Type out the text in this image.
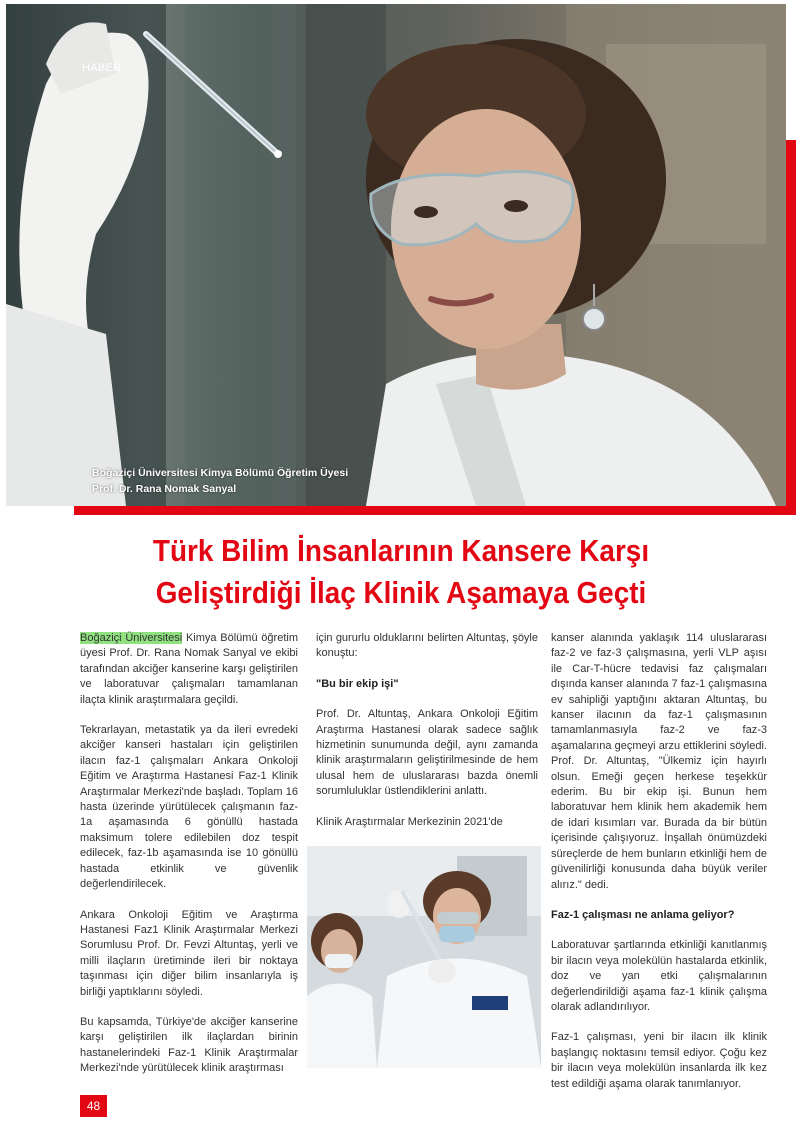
HABER
Boğaziçi Üniversitesi Kimya Bölümü Öğretim Üyesi Prof. Dr. Rana Nomak Sanyal
Türk Bilim İnsanlarının Kansere Karşı
Geliştirdiği İlaç Klinik Aşamaya Geçti

Boğaziçi Üniversitesi Kimya Bölümü öğretim üyesi Prof. Dr. Rana Nomak Sanyal ve ekibi tarafından akciğer kanserine karşı geliştirilen ve laboratuvar çalışmaları tamamlanan ilaçta klinik araştırmalara geçildi.

Tekrarlayan, metastatik ya da ileri evredeki akciğer kanseri hastaları için geliştirilen ilacın faz-1 çalışmaları Ankara Onkoloji Eğitim ve Araştırma Hastanesi Faz-1 Klinik Araştırmalar Merkezi'nde başladı. Toplam 16 hasta üzerinde yürütülecek çalışmanın faz-1a aşamasında 6 gönüllü hastada maksimum tolere edilebilen doz tespit edilecek, faz-1b aşamasında ise 10 gönüllü hastada etkinlik ve güvenlik değerlendirilecek.

Ankara Onkoloji Eğitim ve Araştırma Hastanesi Faz1 Klinik Araştırmalar Merkezi Sorumlusu Prof. Dr. Fevzi Altuntaş, yerli ve milli ilaçların üretiminde ileri bir noktaya taşınması için diğer bilim insanlarıyla iş birliği yaptıklarını söyledi.

Bu kapsamda, Türkiye'de akciğer kanserine karşı geliştirilen ilk ilaçlardan birinin hastanelerindeki Faz-1 Klinik Araştırmalar Merkezi'nde yürütülecek klinik araştırması

için gururlu olduklarını belirten Altuntaş, şöyle konuştu:

"Bu bir ekip işi"

Prof. Dr. Altuntaş, Ankara Onkoloji Eğitim Araştırma Hastanesi olarak sadece sağlık hizmetinin sunumunda değil, aynı zamanda klinik araştırmaların geliştirilmesinde de hem ulusal hem de uluslararası bazda önemli sorumluluklar üstlendiklerini anlattı.

Klinik Araştırmalar Merkezinin 2021'de

kanser alanında yaklaşık 114 uluslararası faz-2 ve faz-3 çalışmasına, yerli VLP aşısı ile Car-T-hücre tedavisi faz çalışmaları dışında kanser alanında 7 faz-1 çalışmasına ev sahipliği yaptığını aktaran Altuntaş, bu kanser ilacının da faz-1 çalışmasının tamamlanmasıyla faz-2 ve faz-3 aşamalarına geçmeyi arzu ettiklerini söyledi. Prof. Dr. Altuntaş, "Ülkemiz için hayırlı olsun. Emeği geçen herkese teşekkür ederim. Bu bir ekip işi. Bunun hem laboratuvar hem klinik hem akademik hem de idari kısımları var. Burada da bir bütün içerisinde çalışıyoruz. İnşallah önümüzdeki süreçlerde de hem bunların etkinliği hem de güvenilirliği konusunda daha büyük veriler alırız." dedi.

Faz-1 çalışması ne anlama geliyor?

Laboratuvar şartlarında etkinliği kanıtlanmış bir ilacın veya molekülün hastalarda etkinlik, doz ve yan etki çalışmalarının değerlendirildiği aşama faz-1 klinik çalışma olarak adlandırılıyor.

Faz-1 çalışması, yeni bir ilacın ilk klinik başlangıç noktasını temsil ediyor. Çoğu kez bir ilacın veya molekülün insanlarda ilk kez test edildiği aşama olarak tanımlanıyor.

48
